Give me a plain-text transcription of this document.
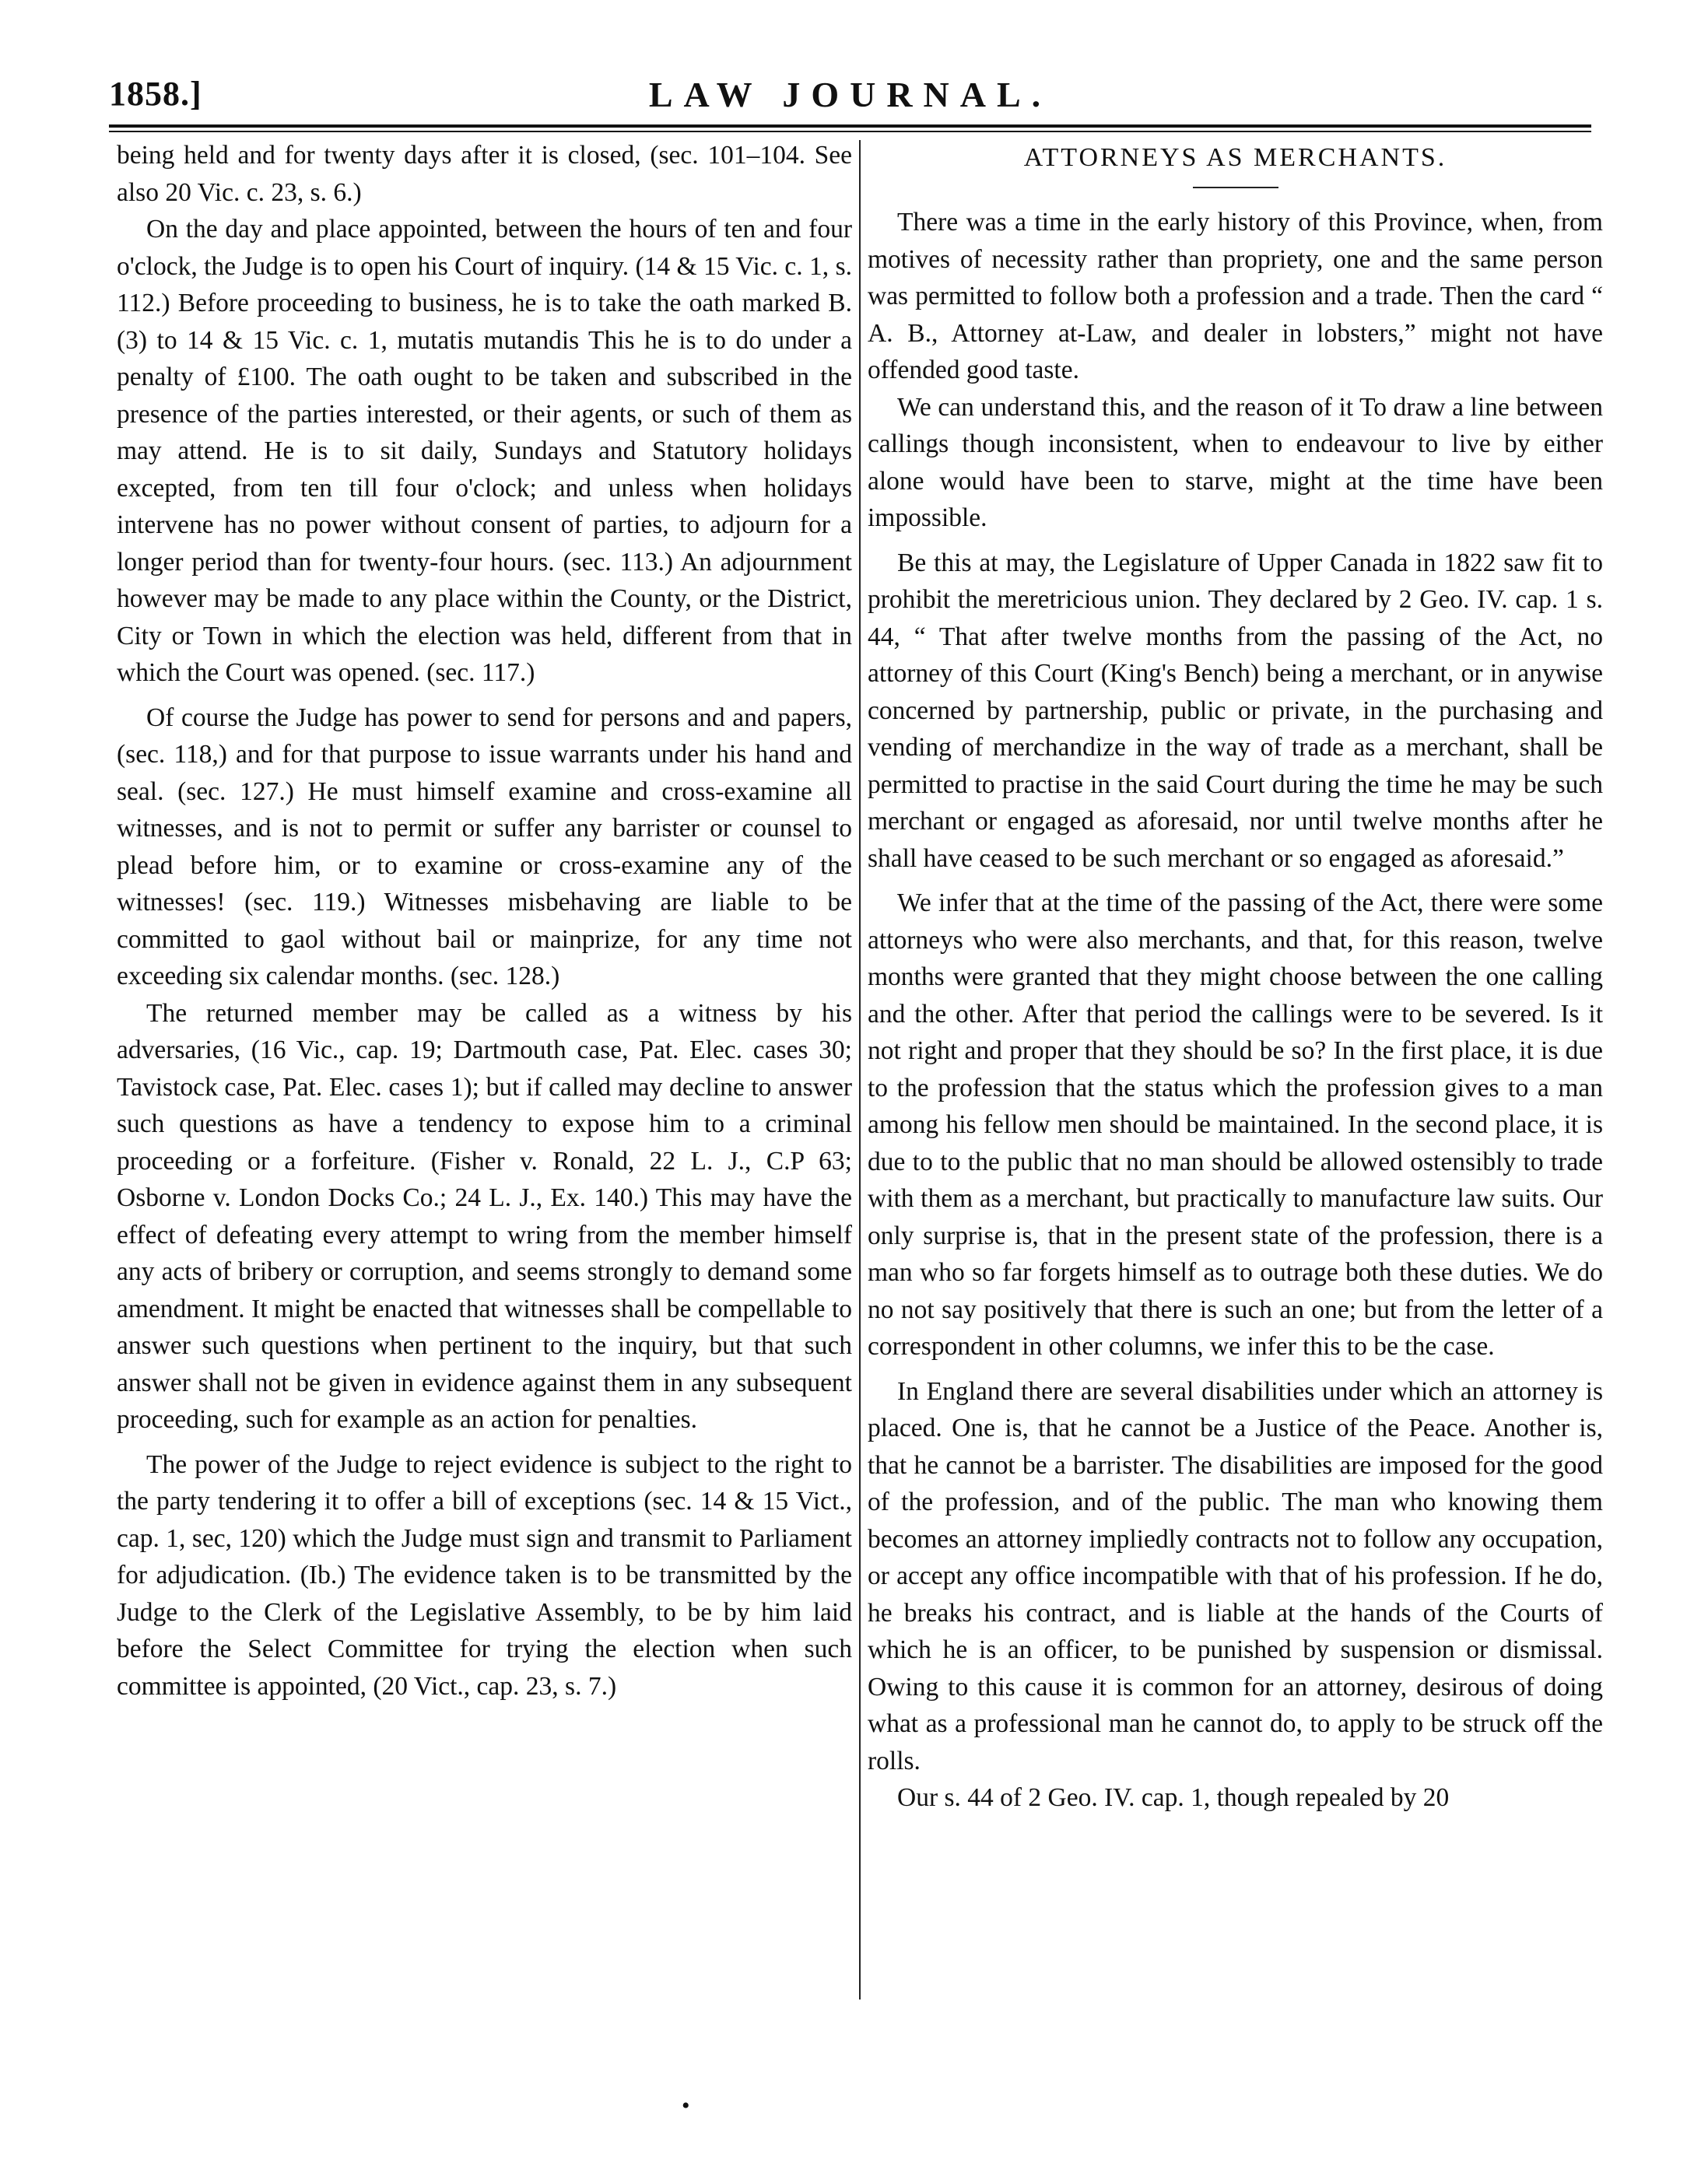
1858.]	LAW JOURNAL.

being held and for twenty days after it is closed, (sec. 101–104. See also 20 Vic. c. 23, s. 6.)

On the day and place appointed, between the hours of ten and four o'clock, the Judge is to open his Court of inquiry. (14 & 15 Vic. c. 1, s. 112.) Before proceeding to business, he is to take the oath marked B. (3) to 14 & 15 Vic. c. 1, mutatis mutandis This he is to do under a penalty of £100. The oath ought to be taken and subscribed in the presence of the parties interested, or their agents, or such of them as may attend. He is to sit daily, Sundays and Statutory holidays excepted, from ten till four o'clock; and unless when holidays intervene has no power without consent of parties, to adjourn for a longer period than for twenty-four hours. (sec. 113.) An adjournment however may be made to any place within the County, or the District, City or Town in which the election was held, different from that in which the Court was opened. (sec. 117.)

Of course the Judge has power to send for persons and and papers, (sec. 118,) and for that purpose to issue warrants under his hand and seal. (sec. 127.) He must himself examine and cross-examine all witnesses, and is not to permit or suffer any barrister or counsel to plead before him, or to examine or cross-examine any of the witnesses! (sec. 119.) Witnesses misbehaving are liable to be committed to gaol without bail or mainprize, for any time not exceeding six calendar months. (sec. 128.)

The returned member may be called as a witness by his adversaries, (16 Vic., cap. 19; Dartmouth case, Pat. Elec. cases 30; Tavistock case, Pat. Elec. cases 1); but if called may decline to answer such questions as have a tendency to expose him to a criminal proceeding or a forfeiture. (Fisher v. Ronald, 22 L. J., C.P 63; Osborne v. London Docks Co.; 24 L. J., Ex. 140.) This may have the effect of defeating every attempt to wring from the member himself any acts of bribery or corruption, and seems strongly to demand some amendment. It might be enacted that witnesses shall be compellable to answer such questions when pertinent to the inquiry, but that such answer shall not be given in evidence against them in any subsequent proceeding, such for example as an action for penalties.

The power of the Judge to reject evidence is subject to the right to the party tendering it to offer a bill of exceptions (sec. 14 & 15 Vict., cap. 1, sec, 120) which the Judge must sign and transmit to Parliament for adjudication. (Ib.) The evidence taken is to be transmitted by the Judge to the Clerk of the Legislative Assembly, to be by him laid before the Select Committee for trying the election when such committee is appointed, (20 Vict., cap. 23, s. 7.)

ATTORNEYS AS MERCHANTS.

There was a time in the early history of this Province, when, from motives of necessity rather than propriety, one and the same person was permitted to follow both a profession and a trade. Then the card “ A. B., Attorney at-Law, and dealer in lobsters,” might not have offended good taste.

We can understand this, and the reason of it To draw a line between callings though inconsistent, when to endeavour to live by either alone would have been to starve, might at the time have been impossible.

Be this at may, the Legislature of Upper Canada in 1822 saw fit to prohibit the meretricious union. They declared by 2 Geo. IV. cap. 1 s. 44, “ That after twelve months from the passing of the Act, no attorney of this Court (King's Bench) being a merchant, or in anywise concerned by partnership, public or private, in the purchasing and vending of merchandize in the way of trade as a merchant, shall be permitted to practise in the said Court during the time he may be such merchant or engaged as aforesaid, nor until twelve months after he shall have ceased to be such merchant or so engaged as aforesaid.”

We infer that at the time of the passing of the Act, there were some attorneys who were also merchants, and that, for this reason, twelve months were granted that they might choose between the one calling and the other. After that period the callings were to be severed. Is it not right and proper that they should be so? In the first place, it is due to the profession that the status which the profession gives to a man among his fellow men should be maintained. In the second place, it is due to to the public that no man should be allowed ostensibly to trade with them as a merchant, but practically to manufacture law suits. Our only surprise is, that in the present state of the profession, there is a man who so far forgets himself as to outrage both these duties. We do no not say positively that there is such an one; but from the letter of a correspondent in other columns, we infer this to be the case.

In England there are several disabilities under which an attorney is placed. One is, that he cannot be a Justice of the Peace. Another is, that he cannot be a barrister. The disabilities are imposed for the good of the profession, and of the public. The man who knowing them becomes an attorney impliedly contracts not to follow any occupation, or accept any office incompatible with that of his profession. If he do, he breaks his contract, and is liable at the hands of the Courts of which he is an officer, to be punished by suspension or dismissal. Owing to this cause it is common for an attorney, desirous of doing what as a professional man he cannot do, to apply to be struck off the rolls.

Our s. 44 of 2 Geo. IV. cap. 1, though repealed by 20

•
